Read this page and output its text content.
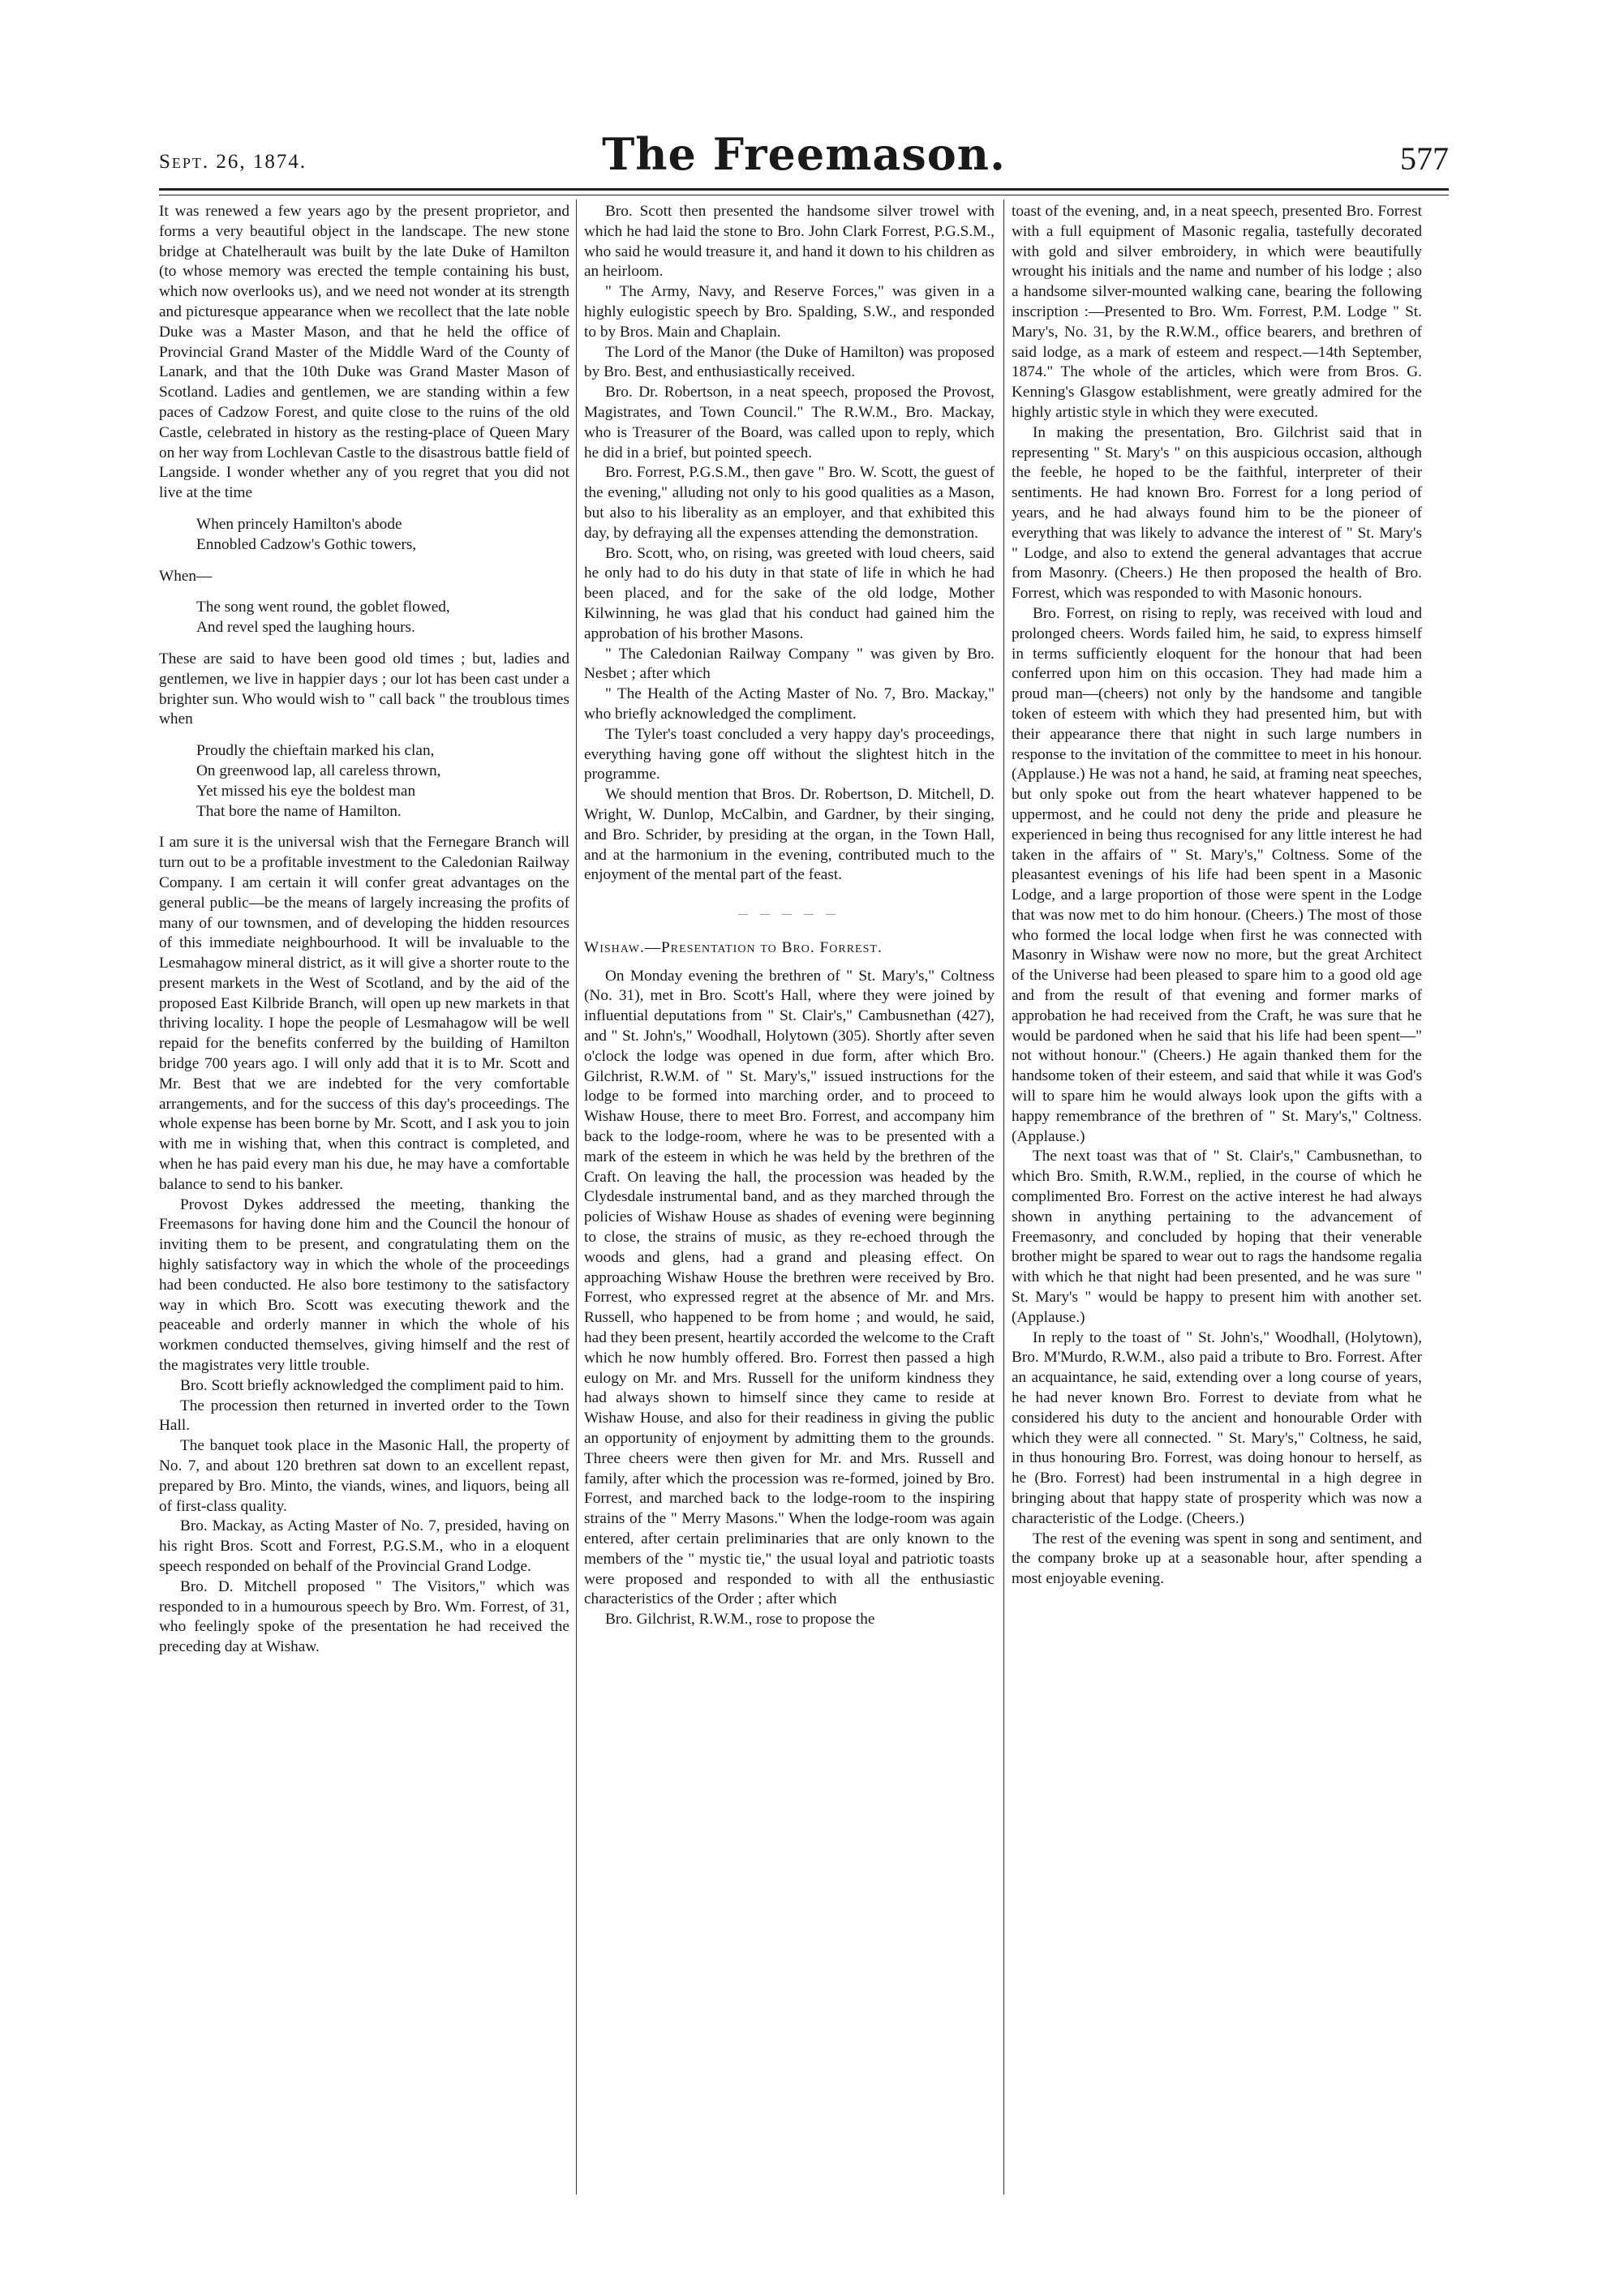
Sept. 26, 1874.	The Freemason.	577

It was renewed a few years ago by the present proprietor, and forms a very beautiful object in the landscape. The new stone bridge at Chatelherault was built by the late Duke of Hamilton (to whose memory was erected the temple containing his bust, which now overlooks us), and we need not wonder at its strength and picturesque appearance when we recollect that the late noble Duke was a Master Mason, and that he held the office of Provincial Grand Master of the Middle Ward of the County of Lanark, and that the 10th Duke was Grand Master Mason of Scotland. Ladies and gentlemen, we are standing within a few paces of Cadzow Forest, and quite close to the ruins of the old Castle, celebrated in history as the resting-place of Queen Mary on her way from Lochlevan Castle to the disastrous battle field of Langside. I wonder whether any of you regret that you did not live at the time

When princely Hamilton's abode
Ennobled Cadzow's Gothic towers,
When—
The song went round, the goblet flowed,
And revel sped the laughing hours.

These are said to have been good old times ; but, ladies and gentlemen, we live in happier days ; our lot has been cast under a brighter sun. Who would wish to " call back " the troublous times when

Proudly the chieftain marked his clan,
On greenwood lap, all careless thrown,
Yet missed his eye the boldest man
That bore the name of Hamilton.

I am sure it is the universal wish that the Fernegare Branch will turn out to be a profitable investment to the Caledonian Railway Company. I am certain it will confer great advantages on the general public—be the means of largely increasing the profits of many of our townsmen, and of developing the hidden resources of this immediate neighbourhood. It will be invaluable to the Lesmahagow mineral district, as it will give a shorter route to the present markets in the West of Scotland, and by the aid of the proposed East Kilbride Branch, will open up new markets in that thriving locality. I hope the people of Lesmahagow will be well repaid for the benefits conferred by the building of Hamilton bridge 700 years ago. I will only add that it is to Mr. Scott and Mr. Best that we are indebted for the very comfortable arrangements, and for the success of this day's proceedings. The whole expense has been borne by Mr. Scott, and I ask you to join with me in wishing that, when this contract is completed, and when he has paid every man his due, he may have a comfortable balance to send to his banker.

Provost Dykes addressed the meeting, thanking the Freemasons for having done him and the Council the honour of inviting them to be present, and congratulating them on the highly satisfactory way in which the whole of the proceedings had been conducted. He also bore testimony to the satisfactory way in which Bro. Scott was executing thework and the peaceable and orderly manner in which the whole of his workmen conducted themselves, giving himself and the rest of the magistrates very little trouble.

Bro. Scott briefly acknowledged the compliment paid to him.

The procession then returned in inverted order to the Town Hall.

The banquet took place in the Masonic Hall, the property of No. 7, and about 120 brethren sat down to an excellent repast, prepared by Bro. Minto, the viands, wines, and liquors, being all of first-class quality.

Bro. Mackay, as Acting Master of No. 7, presided, having on his right Bros. Scott and Forrest, P.G.S.M., who in a eloquent speech responded on behalf of the Provincial Grand Lodge.

Bro. D. Mitchell proposed " The Visitors," which was responded to in a humourous speech by Bro. Wm. Forrest, of 31, who feelingly spoke of the presentation he had received the preceding day at Wishaw.

Bro. Scott then presented the handsome silver trowel with which he had laid the stone to Bro. John Clark Forrest, P.G.S.M., who said he would treasure it, and hand it down to his children as an heirloom.

" The Army, Navy, and Reserve Forces," was given in a highly eulogistic speech by Bro. Spalding, S.W., and responded to by Bros. Main and Chaplain.

The Lord of the Manor (the Duke of Hamilton) was proposed by Bro. Best, and enthusiastically received.

Bro. Dr. Robertson, in a neat speech, proposed the Provost, Magistrates, and Town Council." The R.W.M., Bro. Mackay, who is Treasurer of the Board, was called upon to reply, which he did in a brief, but pointed speech.

Bro. Forrest, P.G.S.M., then gave " Bro. W. Scott, the guest of the evening," alluding not only to his good qualities as a Mason, but also to his liberality as an employer, and that exhibited this day, by defraying all the expenses attending the demonstration.

Bro. Scott, who, on rising, was greeted with loud cheers, said he only had to do his duty in that state of life in which he had been placed, and for the sake of the old lodge, Mother Kilwinning, he was glad that his conduct had gained him the approbation of his brother Masons.

" The Caledonian Railway Company " was given by Bro. Nesbet ; after which

" The Health of the Acting Master of No. 7, Bro. Mackay," who briefly acknowledged the compliment.

The Tyler's toast concluded a very happy day's proceedings, everything having gone off without the slightest hitch in the programme.

We should mention that Bros. Dr. Robertson, D. Mitchell, D. Wright, W. Dunlop, McCalbin, and Gardner, by their singing, and Bro. Schrider, by presiding at the organ, in the Town Hall, and at the harmonium in the evening, contributed much to the enjoyment of the mental part of the feast.

— — — — —
Wishaw.—Presentation to Bro. Forrest.

On Monday evening the brethren of " St. Mary's," Coltness (No. 31), met in Bro. Scott's Hall, where they were joined by influential deputations from " St. Clair's," Cambusnethan (427), and " St. John's," Woodhall, Holytown (305). Shortly after seven o'clock the lodge was opened in due form, after which Bro. Gilchrist, R.W.M. of " St. Mary's," issued instructions for the lodge to be formed into marching order, and to proceed to Wishaw House, there to meet Bro. Forrest, and accompany him back to the lodge-room, where he was to be presented with a mark of the esteem in which he was held by the brethren of the Craft. On leaving the hall, the procession was headed by the Clydesdale instrumental band, and as they marched through the policies of Wishaw House as shades of evening were beginning to close, the strains of music, as they re-echoed through the woods and glens, had a grand and pleasing effect. On approaching Wishaw House the brethren were received by Bro. Forrest, who expressed regret at the absence of Mr. and Mrs. Russell, who happened to be from home ; and would, he said, had they been present, heartily accorded the welcome to the Craft which he now humbly offered. Bro. Forrest then passed a high eulogy on Mr. and Mrs. Russell for the uniform kindness they had always shown to himself since they came to reside at Wishaw House, and also for their readiness in giving the public an opportunity of enjoyment by admitting them to the grounds. Three cheers were then given for Mr. and Mrs. Russell and family, after which the procession was re-formed, joined by Bro. Forrest, and marched back to the lodge-room to the inspiring strains of the " Merry Masons." When the lodge-room was again entered, after certain preliminaries that are only known to the members of the " mystic tie," the usual loyal and patriotic toasts were proposed and responded to with all the enthusiastic characteristics of the Order ; after which

Bro. Gilchrist, R.W.M., rose to propose the

toast of the evening, and, in a neat speech, presented Bro. Forrest with a full equipment of Masonic regalia, tastefully decorated with gold and silver embroidery, in which were beautifully wrought his initials and the name and number of his lodge ; also a handsome silver-mounted walking cane, bearing the following inscription :—Presented to Bro. Wm. Forrest, P.M. Lodge " St. Mary's, No. 31, by the R.W.M., office bearers, and brethren of said lodge, as a mark of esteem and respect.—14th September, 1874." The whole of the articles, which were from Bros. G. Kenning's Glasgow establishment, were greatly admired for the highly artistic style in which they were executed.

In making the presentation, Bro. Gilchrist said that in representing " St. Mary's " on this auspicious occasion, although the feeble, he hoped to be the faithful, interpreter of their sentiments. He had known Bro. Forrest for a long period of years, and he had always found him to be the pioneer of everything that was likely to advance the interest of " St. Mary's " Lodge, and also to extend the general advantages that accrue from Masonry. (Cheers.) He then proposed the health of Bro. Forrest, which was responded to with Masonic honours.

Bro. Forrest, on rising to reply, was received with loud and prolonged cheers. Words failed him, he said, to express himself in terms sufficiently eloquent for the honour that had been conferred upon him on this occasion. They had made him a proud man—(cheers) not only by the handsome and tangible token of esteem with which they had presented him, but with their appearance there that night in such large numbers in response to the invitation of the committee to meet in his honour. (Applause.) He was not a hand, he said, at framing neat speeches, but only spoke out from the heart whatever happened to be uppermost, and he could not deny the pride and pleasure he experienced in being thus recognised for any little interest he had taken in the affairs of " St. Mary's," Coltness. Some of the pleasantest evenings of his life had been spent in a Masonic Lodge, and a large proportion of those were spent in the Lodge that was now met to do him honour. (Cheers.) The most of those who formed the local lodge when first he was connected with Masonry in Wishaw were now no more, but the great Architect of the Universe had been pleased to spare him to a good old age and from the result of that evening and former marks of approbation he had received from the Craft, he was sure that he would be pardoned when he said that his life had been spent—" not without honour." (Cheers.) He again thanked them for the handsome token of their esteem, and said that while it was God's will to spare him he would always look upon the gifts with a happy remembrance of the brethren of " St. Mary's," Coltness. (Applause.)

The next toast was that of " St. Clair's," Cambusnethan, to which Bro. Smith, R.W.M., replied, in the course of which he complimented Bro. Forrest on the active interest he had always shown in anything pertaining to the advancement of Freemasonry, and concluded by hoping that their venerable brother might be spared to wear out to rags the handsome regalia with which he that night had been presented, and he was sure " St. Mary's " would be happy to present him with another set. (Applause.)

In reply to the toast of " St. John's," Woodhall, (Holytown), Bro. M'Murdo, R.W.M., also paid a tribute to Bro. Forrest. After an acquaintance, he said, extending over a long course of years, he had never known Bro. Forrest to deviate from what he considered his duty to the ancient and honourable Order with which they were all connected. " St. Mary's," Coltness, he said, in thus honouring Bro. Forrest, was doing honour to herself, as he (Bro. Forrest) had been instrumental in a high degree in bringing about that happy state of prosperity which was now a characteristic of the Lodge. (Cheers.)

The rest of the evening was spent in song and sentiment, and the company broke up at a seasonable hour, after spending a most enjoyable evening.
